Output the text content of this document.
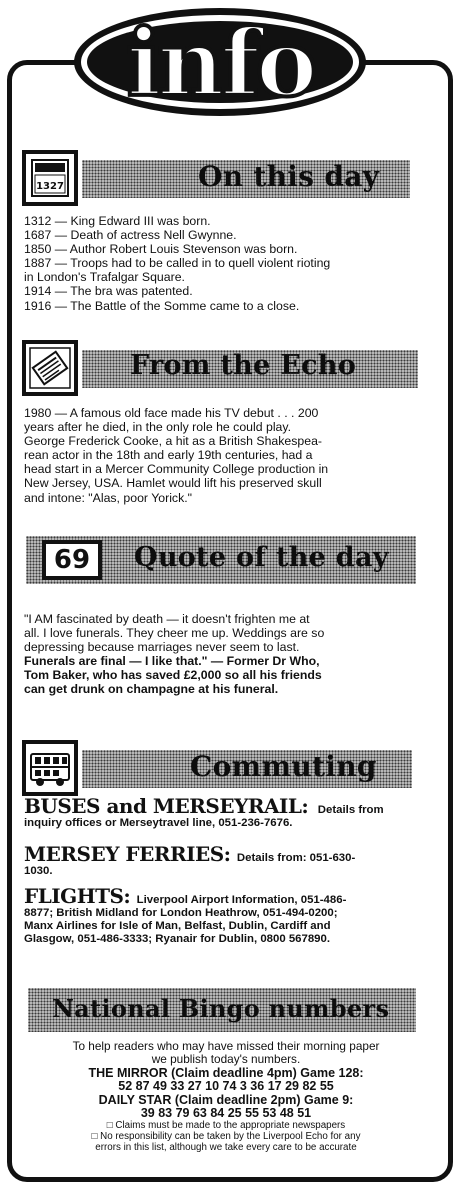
info
1327	On this day
1312 — King Edward III was born.
1687 — Death of actress Nell Gwynne.
1850 — Author Robert Louis Stevenson was born.
1887 — Troops had to be called in to quell violent rioting
in London's Trafalgar Square.
1914 — The bra was patented.
1916 — The Battle of the Somme came to a close.
From the Echo
1980 — A famous old face made his TV debut . . . 200
years after he died, in the only role he could play.
George Frederick Cooke, a hit as a British Shakespea-
rean actor in the 18th and early 19th centuries, had a
head start in a Mercer Community College production in
New Jersey, USA. Hamlet would lift his preserved skull
and intone: "Alas, poor Yorick."
69 Quote of the day
"I AM fascinated by death — it doesn't frighten me at
all. I love funerals. They cheer me up. Weddings are so
depressing because marriages never seem to last.
Funerals are final — I like that." — Former Dr Who,
Tom Baker, who has saved £2,000 so all his friends
can get drunk on champagne at his funeral.
Commuting
BUSES and MERSEYRAIL: Details from
inquiry offices or Merseytravel line, 051-236-7676.
MERSEY FERRIES: Details from: 051-630-
1030.
FLIGHTS: Liverpool Airport Information, 051-486-
8877; British Midland for London Heathrow, 051-494-0200;
Manx Airlines for Isle of Man, Belfast, Dublin, Cardiff and
Glasgow, 051-486-3333; Ryanair for Dublin, 0800 567890.
National Bingo numbers
To help readers who may have missed their morning paper
we publish today's numbers.
THE MIRROR (Claim deadline 4pm) Game 128:
52 87 49 33 27 10 74 3 36 17 29 82 55
DAILY STAR (Claim deadline 2pm) Game 9:
39 83 79 63 84 25 55 53 48 51
□ Claims must be made to the appropriate newspapers
□ No responsibility can be taken by the Liverpool Echo for any
errors in this list, although we take every care to be accurate
